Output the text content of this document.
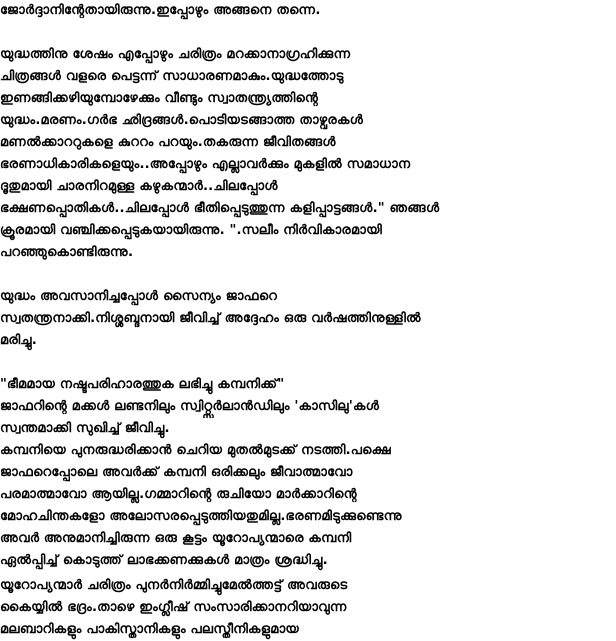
ജോർദ്ദാനിന്റേതായിരുന്നു.ഇപ്പോഴും അങ്ങനെ തന്നെ.
യുദ്ധത്തിനു ശേഷം എപ്പോഴും ചരിത്രം മറക്കാനാഗ്രഹിക്കുന്ന
ചിത്രങ്ങൾ വളരെ പെട്ടന്ന് സാധാരണമാകും.യുദ്ധത്തോടു
ഇണങ്ങിക്കഴിയുമ്പോഴേക്കും വീണ്ടും സ്വാതന്ത്ര്യത്തിന്റെ
യുദ്ധം.മരണം.ഗർഭ ഛിദ്രങ്ങൾ.പൊടിയടങ്ങാത്ത താഴ്വരകൾ
മണൽക്കാററുകളെ കുററം പറയും.തകരുന്ന ജീവിതങ്ങൾ
ഭരണാധികാരികളെയും..അപ്പോഴും എല്ലാവർക്കും മുകളിൽ സമാധാന
ദൂതുമായി ചാരനിറമുള്ള കഴുകന്മാർ..ചിലപ്പോൾ
ഭക്ഷണപ്പൊതികൾ..ചിലപ്പോൾ ഭീതിപ്പെടുത്തുന്ന കളിപ്പാട്ടങ്ങൾ." ഞങ്ങൾ
ക്രൂരമായി വഞ്ചിക്കപ്പെടുകയായിരുന്നു. ".സലീം നിർവികാരമായി
പറഞ്ഞുകൊണ്ടിരുന്നു.
യുദ്ധം അവസാനിച്ചപ്പോൾ സൈന്യം ജാഫറെ
സ്വതന്ത്രനാക്കി.നിശ്ശബ്ദനായി ജീവിച്ച് അദ്ദേഹം ഒരു വർഷത്തിനുള്ളിൽ
മരിച്ചു.
"ഭീമമായ നഷ്ടപരിഹാരത്തുക ലഭിച്ചു കമ്പനിക്ക്"
ജാഫറിന്റെ മക്കൾ ലണ്ടനിലും സ്വിറ്റ്സർലാൻഡിലും 'കാസിലു'കൾ
സ്വന്തമാക്കി സുഖിച്ച് ജീവിച്ചു.
കമ്പനിയെ പുനരുദ്ധരിക്കാൻ ചെറിയ മുതൽമുടക്ക് നടത്തി.പക്ഷെ
ജാഫറെപ്പോലെ അവർക്ക് കമ്പനി ഒരിക്കലും ജീവാത്മാവോ
പരമാത്മാവോ ആയില്ല.ഗമ്മാറിന്റെ രുചിയോ മാർക്കാറിന്റെ
മോഹചിന്തകളോ അലോസരപ്പെടുത്തിയതുമില്ല.ഭരണമിടുക്കുണ്ടെന്നു
അവർ അനുമാനിച്ചിരുന്ന ഒരു കൂട്ടം യൂറോപ്യന്മാരെ കമ്പനി
ഏൽപ്പിച്ച് കൊടുത്ത് ലാഭക്കണക്കുകൾ മാത്രം ശ്രദ്ധിച്ചു.
യൂറോപ്യന്മാർ ചരിത്രം പുനർനിർമ്മിച്ചുമേൽത്തട്ട് അവരുടെ
കൈയ്യിൽ ഭദ്രം.താഴെ ഇംഗ്ലീഷ് സംസാരിക്കാനറിയാവുന്ന
മലബാറികളും പാകിസ്താനികളും പലസ്തീനികളുമായ
